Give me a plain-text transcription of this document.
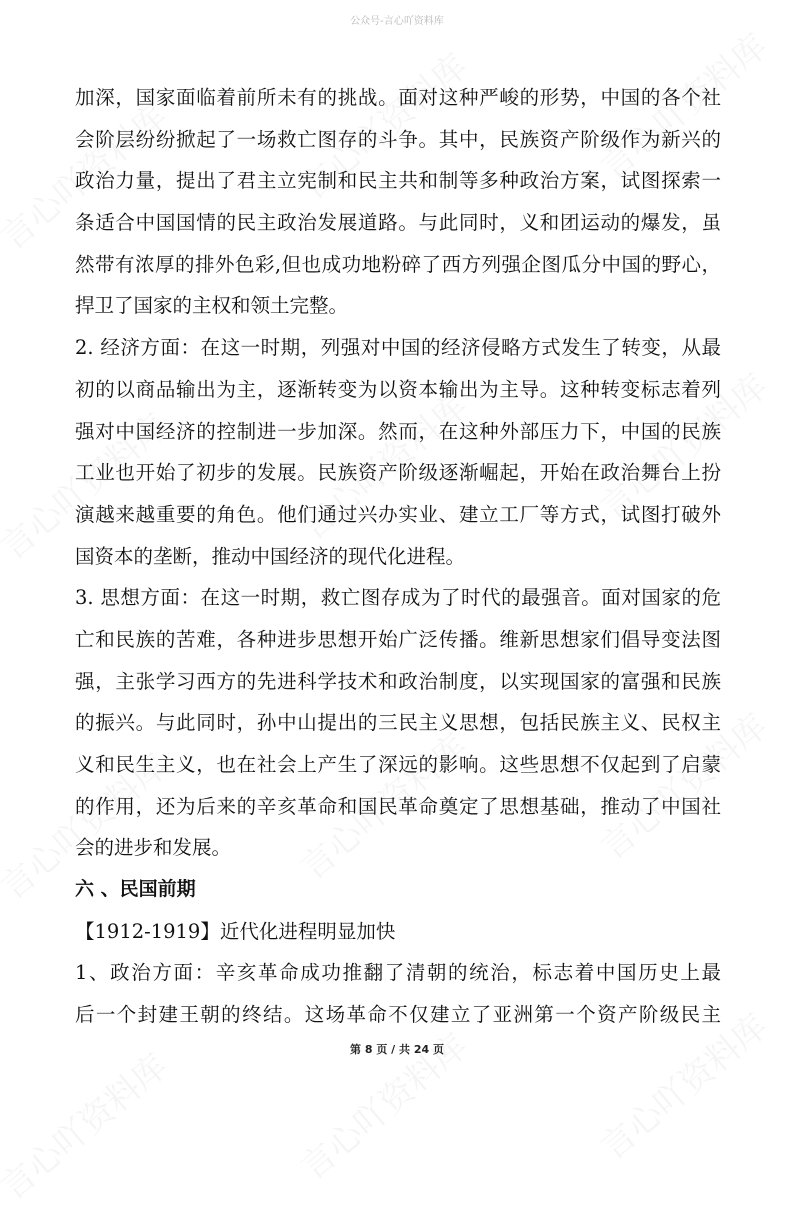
公众号-言心吖资料库
加深，国家面临着前所未有的挑战。面对这种严峻的形势，中国的各个社
会阶层纷纷掀起了一场救亡图存的斗争。其中，民族资产阶级作为新兴的
政治力量，提出了君主立宪制和民主共和制等多种政治方案，试图探索一
条适合中国国情的民主政治发展道路。与此同时，义和团运动的爆发，虽
然带有浓厚的排外色彩,但也成功地粉碎了西方列强企图瓜分中国的野心，
捍卫了国家的主权和领土完整。
2. 经济方面：在这一时期，列强对中国的经济侵略方式发生了转变，从最
初的以商品输出为主，逐渐转变为以资本输出为主导。这种转变标志着列
强对中国经济的控制进一步加深。然而，在这种外部压力下，中国的民族
工业也开始了初步的发展。民族资产阶级逐渐崛起，开始在政治舞台上扮
演越来越重要的角色。他们通过兴办实业、建立工厂等方式，试图打破外
国资本的垄断，推动中国经济的现代化进程。
3. 思想方面：在这一时期，救亡图存成为了时代的最强音。面对国家的危
亡和民族的苦难，各种进步思想开始广泛传播。维新思想家们倡导变法图
强，主张学习西方的先进科学技术和政治制度，以实现国家的富强和民族
的振兴。与此同时，孙中山提出的三民主义思想，包括民族主义、民权主
义和民生主义，也在社会上产生了深远的影响。这些思想不仅起到了启蒙
的作用，还为后来的辛亥革命和国民革命奠定了思想基础，推动了中国社
会的进步和发展。
六 、民国前期
【1912-1919】近代化进程明显加快
1、政治方面：辛亥革命成功推翻了清朝的统治，标志着中国历史上最
后一个封建王朝的终结。这场革命不仅建立了亚洲第一个资产阶级民主
第 8 页 / 共 24 页
